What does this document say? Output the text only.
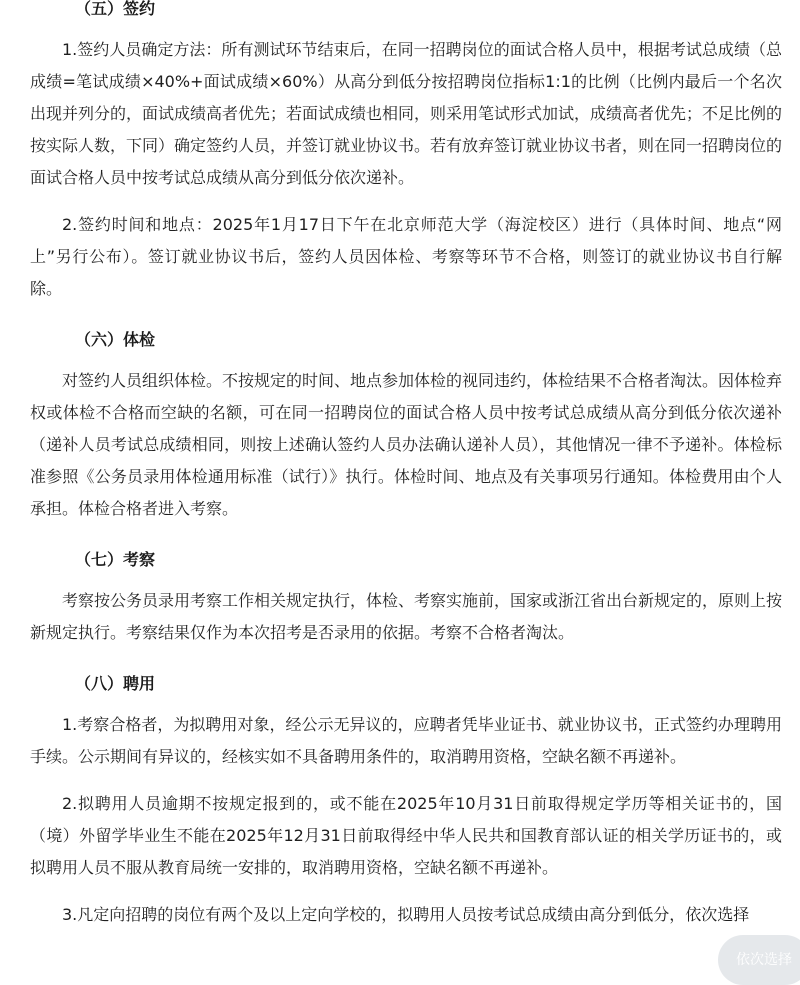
（五）签约

1.签约人员确定方法：所有测试环节结束后，在同一招聘岗位的面试合格人员中，根据考试总成绩（总成绩=笔试成绩×40%+面试成绩×60%）从高分到低分按招聘岗位指标1:1的比例（比例内最后一个名次出现并列分的，面试成绩高者优先；若面试成绩也相同，则采用笔试形式加试，成绩高者优先；不足比例的按实际人数，下同）确定签约人员，并签订就业协议书。若有放弃签订就业协议书者，则在同一招聘岗位的面试合格人员中按考试总成绩从高分到低分依次递补。

2.签约时间和地点：2025年1月17日下午在北京师范大学（海淀校区）进行（具体时间、地点“网上”另行公布）。签订就业协议书后，签约人员因体检、考察等环节不合格，则签订的就业协议书自行解除。

（六）体检

对签约人员组织体检。不按规定的时间、地点参加体检的视同违约，体检结果不合格者淘汰。因体检弃权或体检不合格而空缺的名额，可在同一招聘岗位的面试合格人员中按考试总成绩从高分到低分依次递补（递补人员考试总成绩相同，则按上述确认签约人员办法确认递补人员），其他情况一律不予递补。体检标准参照《公务员录用体检通用标准（试行）》执行。体检时间、地点及有关事项另行通知。体检费用由个人承担。体检合格者进入考察。

（七）考察

考察按公务员录用考察工作相关规定执行，体检、考察实施前，国家或浙江省出台新规定的，原则上按新规定执行。考察结果仅作为本次招考是否录用的依据。考察不合格者淘汰。

（八）聘用

1.考察合格者，为拟聘用对象，经公示无异议的，应聘者凭毕业证书、就业协议书，正式签约办理聘用手续。公示期间有异议的，经核实如不具备聘用条件的，取消聘用资格，空缺名额不再递补。

2.拟聘用人员逾期不按规定报到的，或不能在2025年10月31日前取得规定学历等相关证书的，国（境）外留学毕业生不能在2025年12月31日前取得经中华人民共和国教育部认证的相关学历证书的，或拟聘用人员不服从教育局统一安排的，取消聘用资格，空缺名额不再递补。

3.凡定向招聘的岗位有两个及以上定向学校的，拟聘用人员按考试总成绩由高分到低分，依次选择

依次选择
